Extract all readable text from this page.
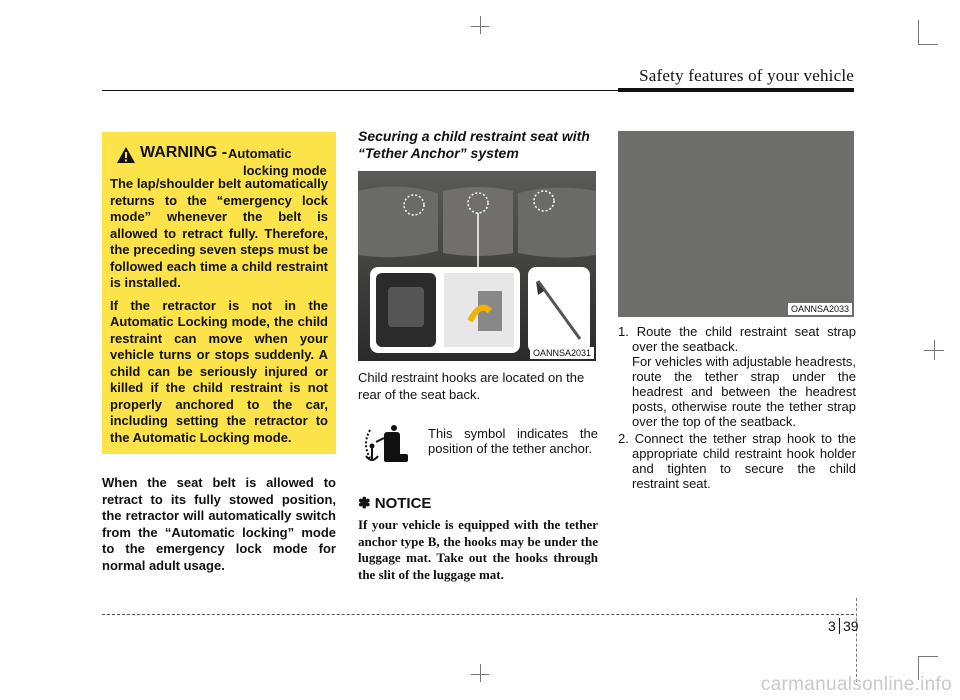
Safety features of your vehicle
WARNING - Automatic
locking mode

The lap/shoulder belt automatically returns to the “emergency lock mode” whenever the belt is allowed to retract fully. Therefore, the preceding seven steps must be followed each time a child restraint is installed.

If the retractor is not in the Automatic Locking mode, the child restraint can move when your vehicle turns or stops suddenly. A child can be seriously injured or killed if the child restraint is not properly anchored to the car, including setting the retractor to the Automatic Locking mode.

When the seat belt is allowed to retract to its fully stowed position, the retractor will automatically switch from the “Automatic locking” mode to the emergency lock mode for normal adult usage.
Securing a child restraint seat with “Tether Anchor” system
OANNSA2031
Child restraint hooks are located on the rear of the seat back.
This symbol indicates the position of the tether anchor.
✽ NOTICE
If your vehicle is equipped with the tether anchor type B, the hooks may be under the luggage mat. Take out the hooks through the slit of the luggage mat.
OANNSA2033
1. Route the child restraint seat strap over the seatback.
For vehicles with adjustable headrests, route the tether strap under the headrest and between the headrest posts, otherwise route the tether strap over the top of the seatback.
2. Connect the tether strap hook to the appropriate child restraint hook holder and tighten to secure the child restraint seat.
3 39
carmanualsonline.info
